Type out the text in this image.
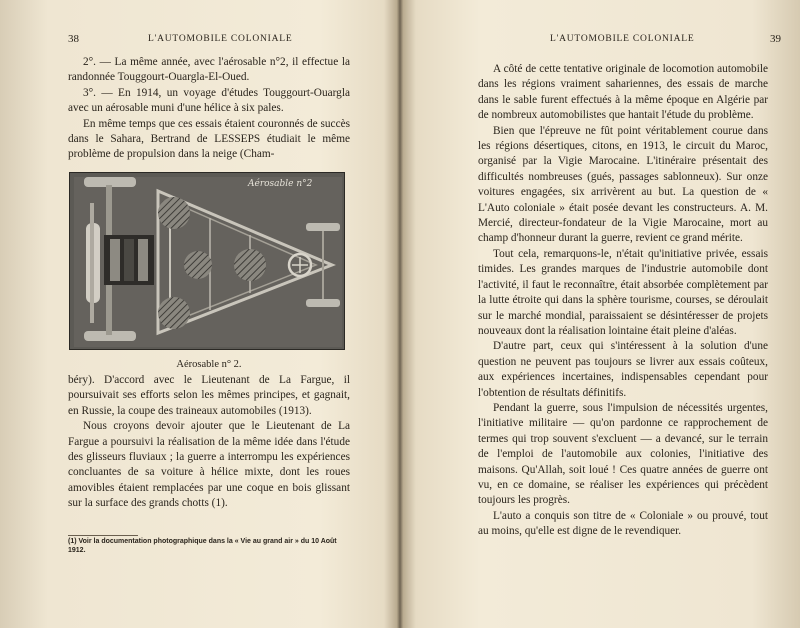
38	L'AUTOMOBILE COLONIALE

2°. — La même année, avec l'aérosable n°2, il effectue la randonnée Touggourt-Ouargla-El-Oued.

3°. — En 1914, un voyage d'études Touggourt-Ouargla avec un aérosable muni d'une hélice à six pales.

En même temps que ces essais étaient couronnés de succès dans le Sahara, Bertrand de LESSEPS étudiait le même problème de propulsion dans la neige (Cham-

Aérosable n°2
Aérosable n° 2.

béry). D'accord avec le Lieutenant de La Fargue, il poursuivait ses efforts selon les mêmes principes, et gagnait, en Russie, la coupe des traineaux automobiles (1913).

Nous croyons devoir ajouter que le Lieutenant de La Fargue a poursuivi la réalisation de la même idée dans l'étude des glisseurs fluviaux ; la guerre a interrompu les expériences concluantes de sa voiture à hélice mixte, dont les roues amovibles étaient remplacées par une coque en bois glissant sur la surface des grands chotts (1).

(1) Voir la documentation photographique dans la « Vie au grand air » du 10 Août 1912.
L'AUTOMOBILE COLONIALE	39

A côté de cette tentative originale de locomotion automobile dans les régions vraiment sahariennes, des essais de marche dans le sable furent effectués à la même époque en Algérie par de nombreux automobilistes que hantait l'étude du problème.

Bien que l'épreuve ne fût point véritablement courue dans les régions désertiques, citons, en 1913, le circuit du Maroc, organisé par la Vigie Marocaine. L'itinéraire présentait des difficultés nombreuses (gués, passages sablonneux). Sur onze voitures engagées, six arrivèrent au but. La question de « L'Auto coloniale » était posée devant les constructeurs. A. M. Mercié, directeur-fondateur de la Vigie Marocaine, mort au champ d'honneur durant la guerre, revient ce grand mérite.

Tout cela, remarquons-le, n'était qu'initiative privée, essais timides. Les grandes marques de l'industrie automobile dont l'activité, il faut le reconnaître, était absorbée complètement par la lutte étroite qui dans la sphère tourisme, courses, se déroulait sur le marché mondial, paraissaient se désintéresser de projets nouveaux dont la réalisation lointaine était pleine d'aléas.

D'autre part, ceux qui s'intéressent à la solution d'une question ne peuvent pas toujours se livrer aux essais coûteux, aux expériences incertaines, indispensables cependant pour l'obtention de résultats définitifs.

Pendant la guerre, sous l'impulsion de nécessités urgentes, l'initiative militaire — qu'on pardonne ce rapprochement de termes qui trop souvent s'excluent — a devancé, sur le terrain de l'emploi de l'automobile aux colonies, l'initiative des maisons. Qu'Allah, soit loué ! Ces quatre années de guerre ont vu, en ce domaine, se réaliser les expériences qui précèdent toujours les progrès.

L'auto a conquis son titre de « Coloniale » ou prouvé, tout au moins, qu'elle est digne de le revendiquer.
